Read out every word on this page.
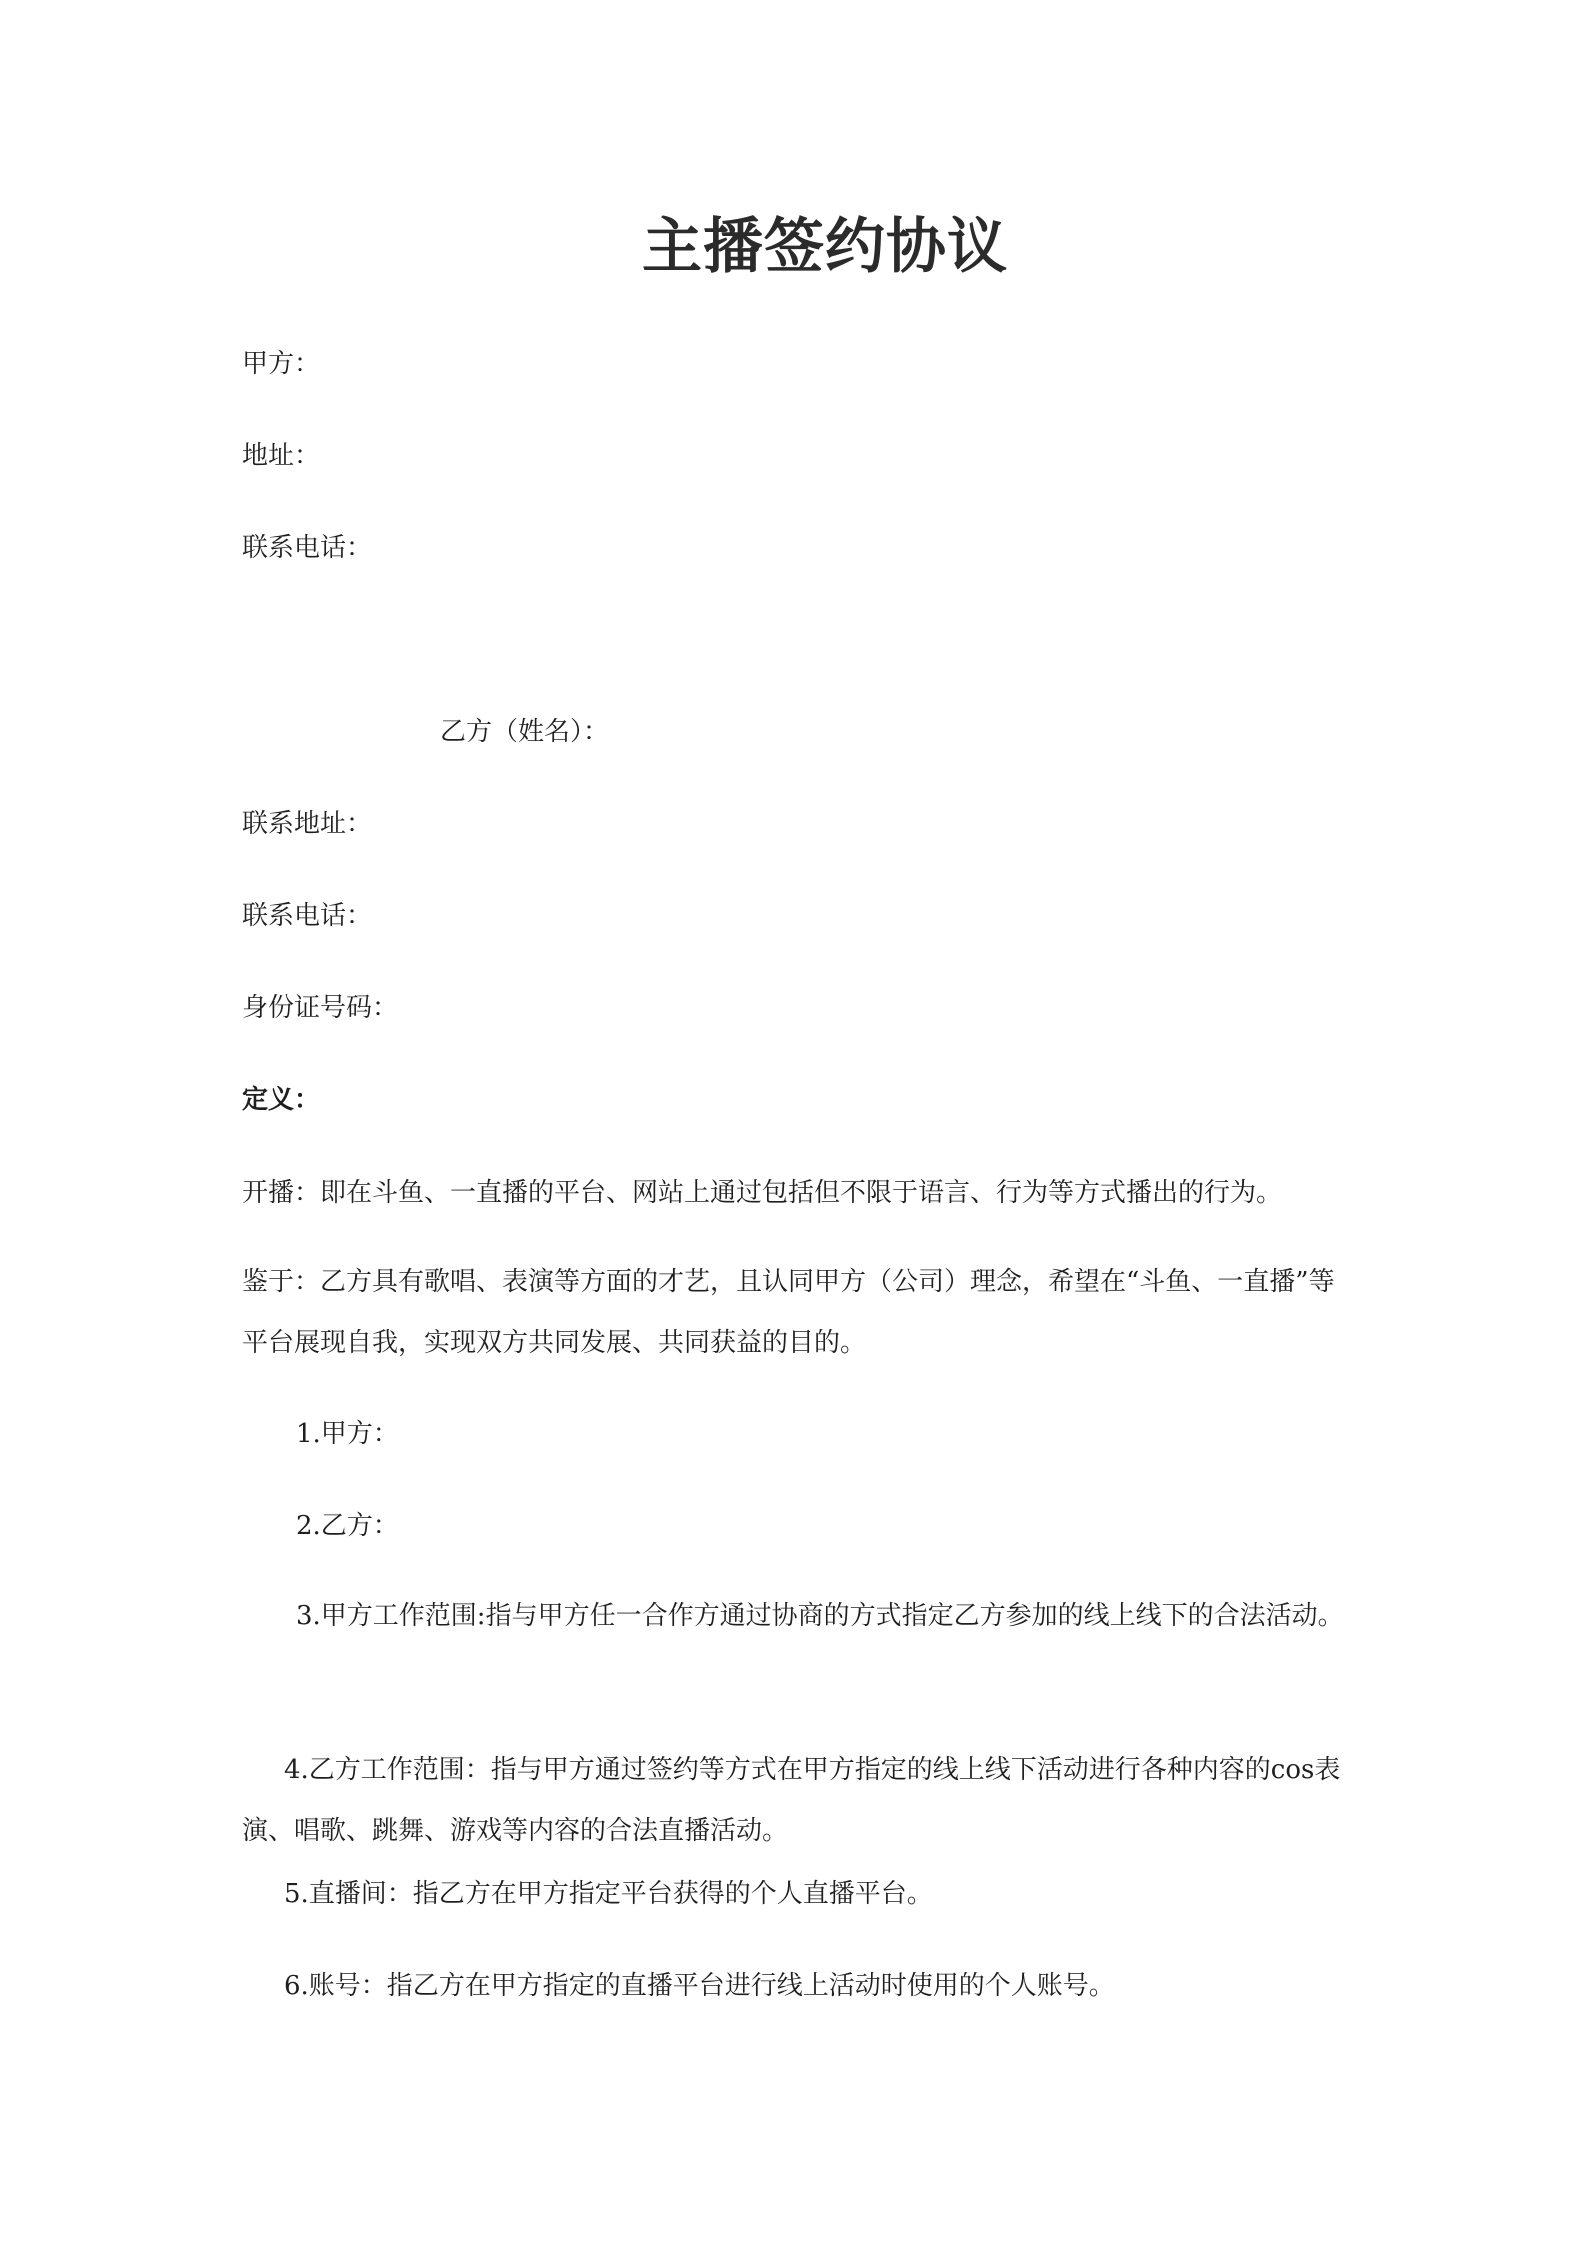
主播签约协议
甲方：
地址：
联系电话：
乙方（姓名）：
联系地址：
联系电话：
身份证号码：
定义：
开播：即在斗鱼、一直播的平台、网站上通过包括但不限于语言、行为等方式播出的行为。
鉴于：乙方具有歌唱、表演等方面的才艺，且认同甲方（公司）理念，希望在“斗鱼、一直播”等平台展现自我，实现双方共同发展、共同获益的目的。
1.甲方：
2.乙方：
3.甲方工作范围:指与甲方任一合作方通过协商的方式指定乙方参加的线上线下的合法活动。
4.乙方工作范围：指与甲方通过签约等方式在甲方指定的线上线下活动进行各种内容的cos表演、唱歌、跳舞、游戏等内容的合法直播活动。
5.直播间：指乙方在甲方指定平台获得的个人直播平台。
6.账号：指乙方在甲方指定的直播平台进行线上活动时使用的个人账号。
